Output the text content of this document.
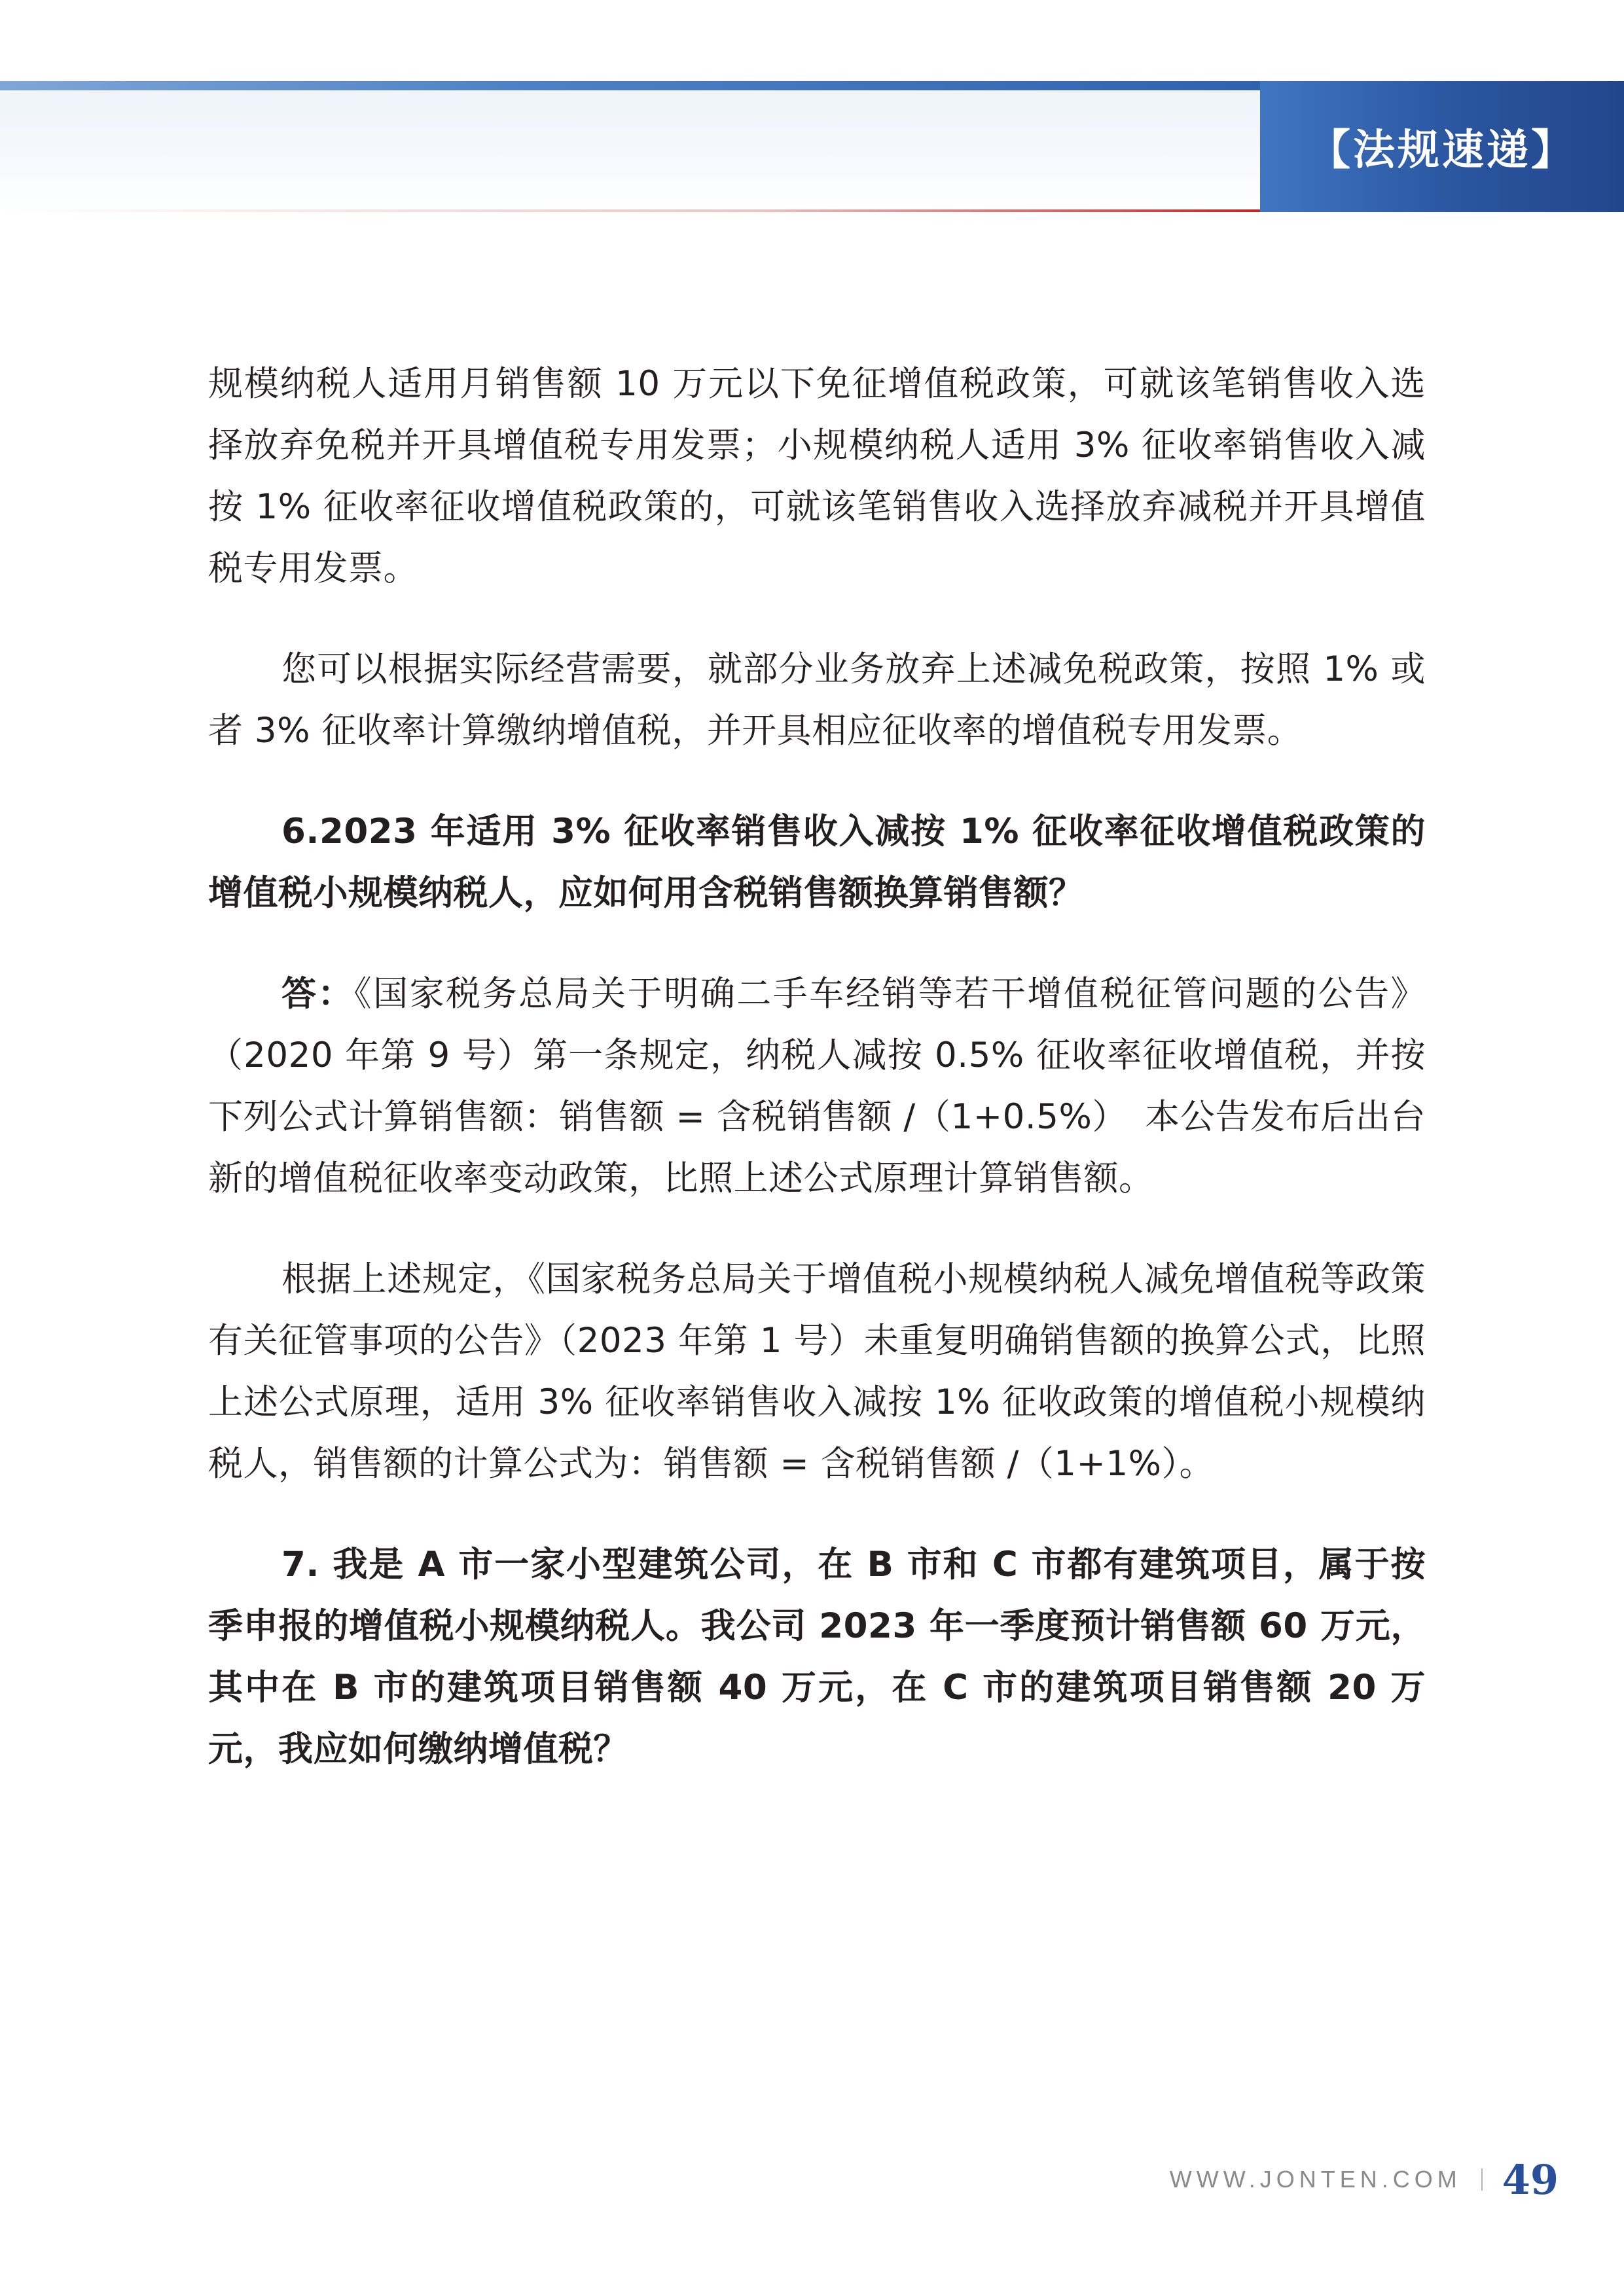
【法规速递】

规模纳税人适用月销售额 10 万元以下免征增值税政策，可就该笔销售收入选择放弃免税并开具增值税专用发票；小规模纳税人适用 3% 征收率销售收入减按 1% 征收率征收增值税政策的，可就该笔销售收入选择放弃减税并开具增值税专用发票。

您可以根据实际经营需要，就部分业务放弃上述减免税政策，按照 1% 或者 3% 征收率计算缴纳增值税，并开具相应征收率的增值税专用发票。

6.2023 年适用 3% 征收率销售收入减按 1% 征收率征收增值税政策的增值税小规模纳税人，应如何用含税销售额换算销售额？

答：《国家税务总局关于明确二手车经销等若干增值税征管问题的公告》（2020 年第 9 号）第一条规定，纳税人减按 0.5% 征收率征收增值税，并按下列公式计算销售额：销售额 = 含税销售额 /（1+0.5%）　本公告发布后出台新的增值税征收率变动政策，比照上述公式原理计算销售额。

根据上述规定，《国家税务总局关于增值税小规模纳税人减免增值税等政策有关征管事项的公告》（2023 年第 1 号）未重复明确销售额的换算公式，比照上述公式原理，适用 3% 征收率销售收入减按 1% 征收政策的增值税小规模纳税人，销售额的计算公式为：销售额 = 含税销售额 /（1+1%）。

7. 我是 A 市一家小型建筑公司，在 B 市和 C 市都有建筑项目，属于按季申报的增值税小规模纳税人。我公司 2023 年一季度预计销售额 60 万元，其中在 B 市的建筑项目销售额 40 万元，在 C 市的建筑项目销售额 20 万元，我应如何缴纳增值税？

WWW.JONTEN.COM 49
